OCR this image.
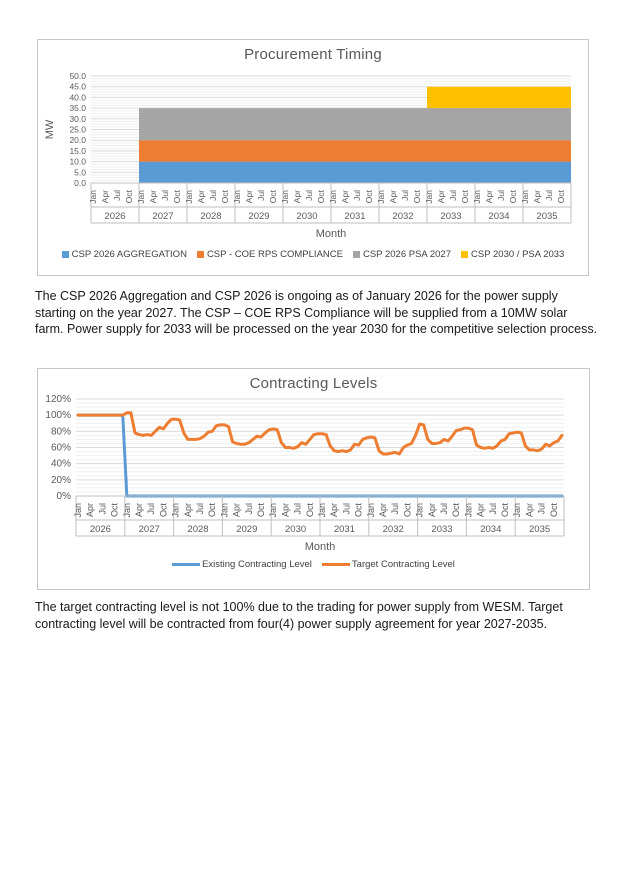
Procurement Timing
0.0
5.0
10.0
15.0
20.0
25.0
30.0
35.0
40.0
45.0
50.0
Jan Apr Jul Oct
2026
Jan Apr Jul Oct
2027
Jan Apr Jul Oct
2028
Jan Apr Jul Oct
2029
Jan Apr Jul Oct
2030
Jan Apr Jul Oct
2031
Jan Apr Jul Oct
2032
Jan Apr Jul Oct
2033
Jan Apr Jul Oct
2034
Jan Apr Jul Oct
2035
Month
MW
CSP 2026 AGGREGATION CSP - COE RPS COMPLIANCE CSP 2026 PSA 2027 CSP 2030 / PSA 2033

The CSP 2026 Aggregation and CSP 2026 is ongoing as of January 2026 for the power supply starting on the year 2027. The CSP – COE RPS Compliance will be supplied from a 10MW solar farm. Power supply for 2033 will be processed on the year 2030 for the competitive selection process.

Contracting Levels
0%
20%
40%
60%
80%
100%
120%
Jan Apr Jul Oct
2026
Jan Apr Jul Oct
2027
Jan Apr Jul Oct
2028
Jan Apr Jul Oct
2029
Jan Apr Jul Oct
2030
Jan Apr Jul Oct
2031
Jan Apr Jul Oct
2032
Jan Apr Jul Oct
2033
Jan Apr Jul Oct
2034
Jan Apr Jul Oct
2035
Month
Existing Contracting Level	Target Contracting Level

The target contracting level is not 100% due to the trading for power supply from WESM. Target contracting level will be contracted from four(4) power supply agreement for year 2027-2035.
